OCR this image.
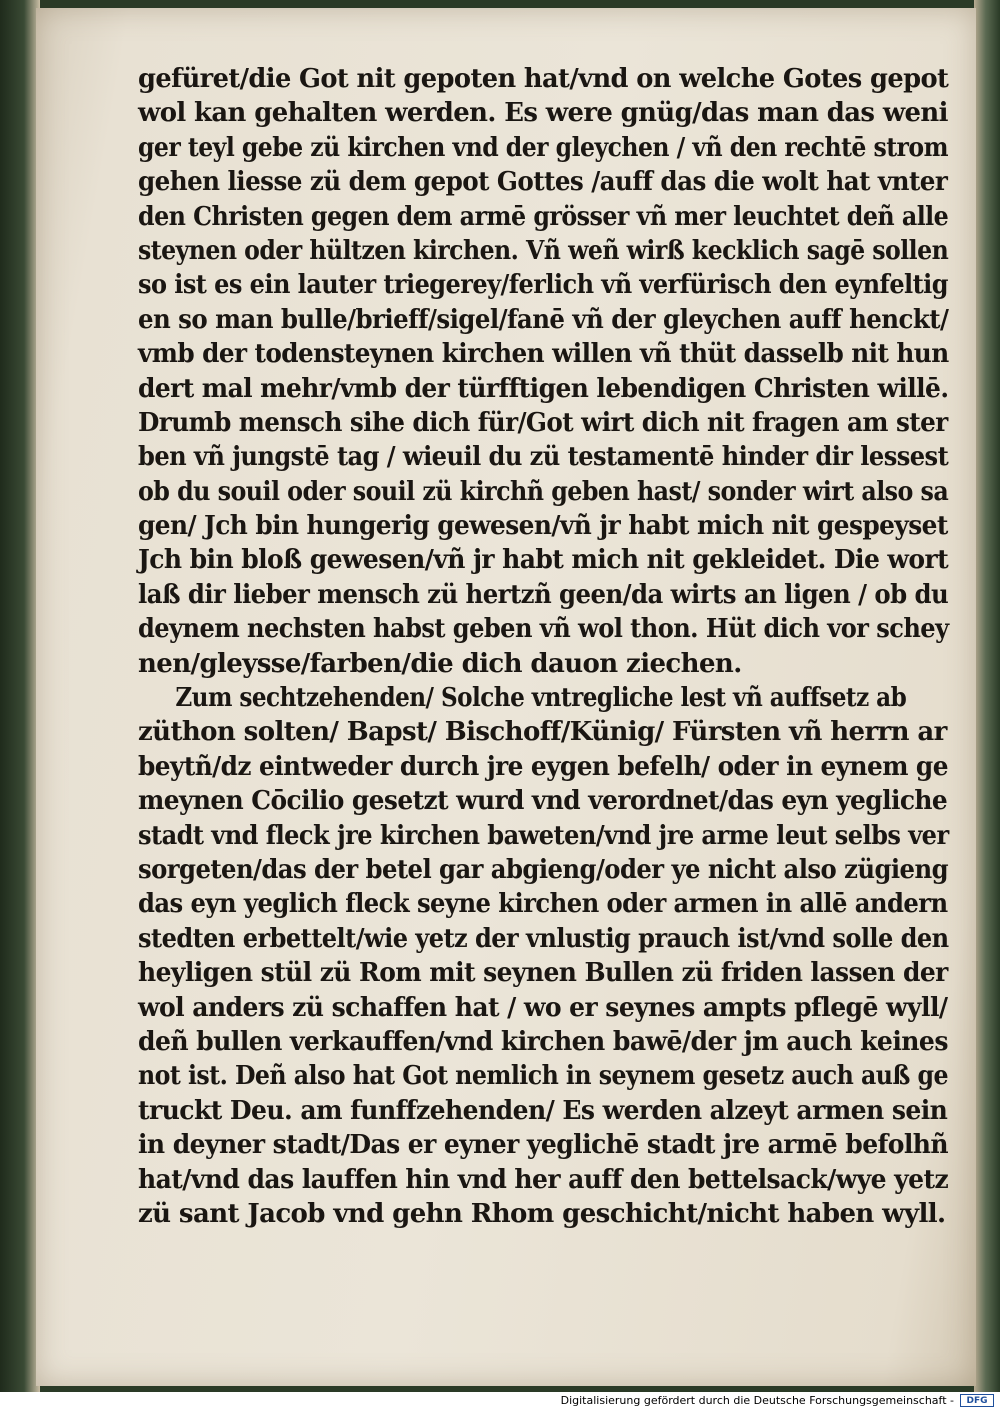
gefüret/die Got nit gepoten hat/vnd on welche Gotes gepot
wol kan gehalten werden. Es were gnüg/das man das weni
ger teyl gebe zü kirchen vnd der gleychen / vñ den rechtē strom
gehen liesse zü dem gepot Gottes /auff das die wolt hat vnter
den Christen gegen dem armē grösser vñ mer leuchtet deñ alle
steynen oder hültzen kirchen. Vñ weñ wirß kecklich sagē sollen
so ist es ein lauter triegerey/ferlich vñ verfürisch den eynfeltig
en so man bulle/brieff/sigel/fanē vñ der gleychen auff henckt/
vmb der todensteynen kirchen willen vñ thüt dasselb nit hun
dert mal mehr/vmb der türfftigen lebendigen Christen willē.
Drumb mensch sihe dich für/Got wirt dich nit fragen am ster
ben vñ jungstē tag / wieuil du zü testamentē hinder dir lessest
ob du souil oder souil zü kirchñ geben hast/ sonder wirt also sa
gen/ Jch bin hungerig gewesen/vñ jr habt mich nit gespeyset
Jch bin bloß gewesen/vñ jr habt mich nit gekleidet. Die wort
laß dir lieber mensch zü hertzñ geen/da wirts an ligen / ob du
deynem nechsten habst geben vñ wol thon. Hüt dich vor schey
nen/gleysse/farben/die dich dauon ziechen.
Zum sechtzehenden/ Solche vntregliche lest vñ auffsetz ab
züthon solten/ Bapst/ Bischoff/Künig/ Fürsten vñ herrn ar
beytñ/dz eintweder durch jre eygen befelh/ oder in eynem ge
meynen Cōcilio gesetzt wurd vnd verordnet/das eyn yegliche
stadt vnd fleck jre kirchen baweten/vnd jre arme leut selbs ver
sorgeten/das der betel gar abgieng/oder ye nicht also zügieng
das eyn yeglich fleck seyne kirchen oder armen in allē andern
stedten erbettelt/wie yetz der vnlustig prauch ist/vnd solle den
heyligen stül zü Rom mit seynen Bullen zü friden lassen der
wol anders zü schaffen hat / wo er seynes ampts pflegē wyll/
deñ bullen verkauffen/vnd kirchen bawē/der jm auch keines
not ist. Deñ also hat Got nemlich in seynem gesetz auch auß ge
truckt Deu. am funffzehenden/ Es werden alzeyt armen sein
in deyner stadt/Das er eyner yeglichē stadt jre armē befolhñ
hat/vnd das lauffen hin vnd her auff den bettelsack/wye yetz
zü sant Jacob vnd gehn Rhom geschicht/nicht haben wyll.
Digitalisierung gefördert durch die Deutsche Forschungsgemeinschaft -	DFG
